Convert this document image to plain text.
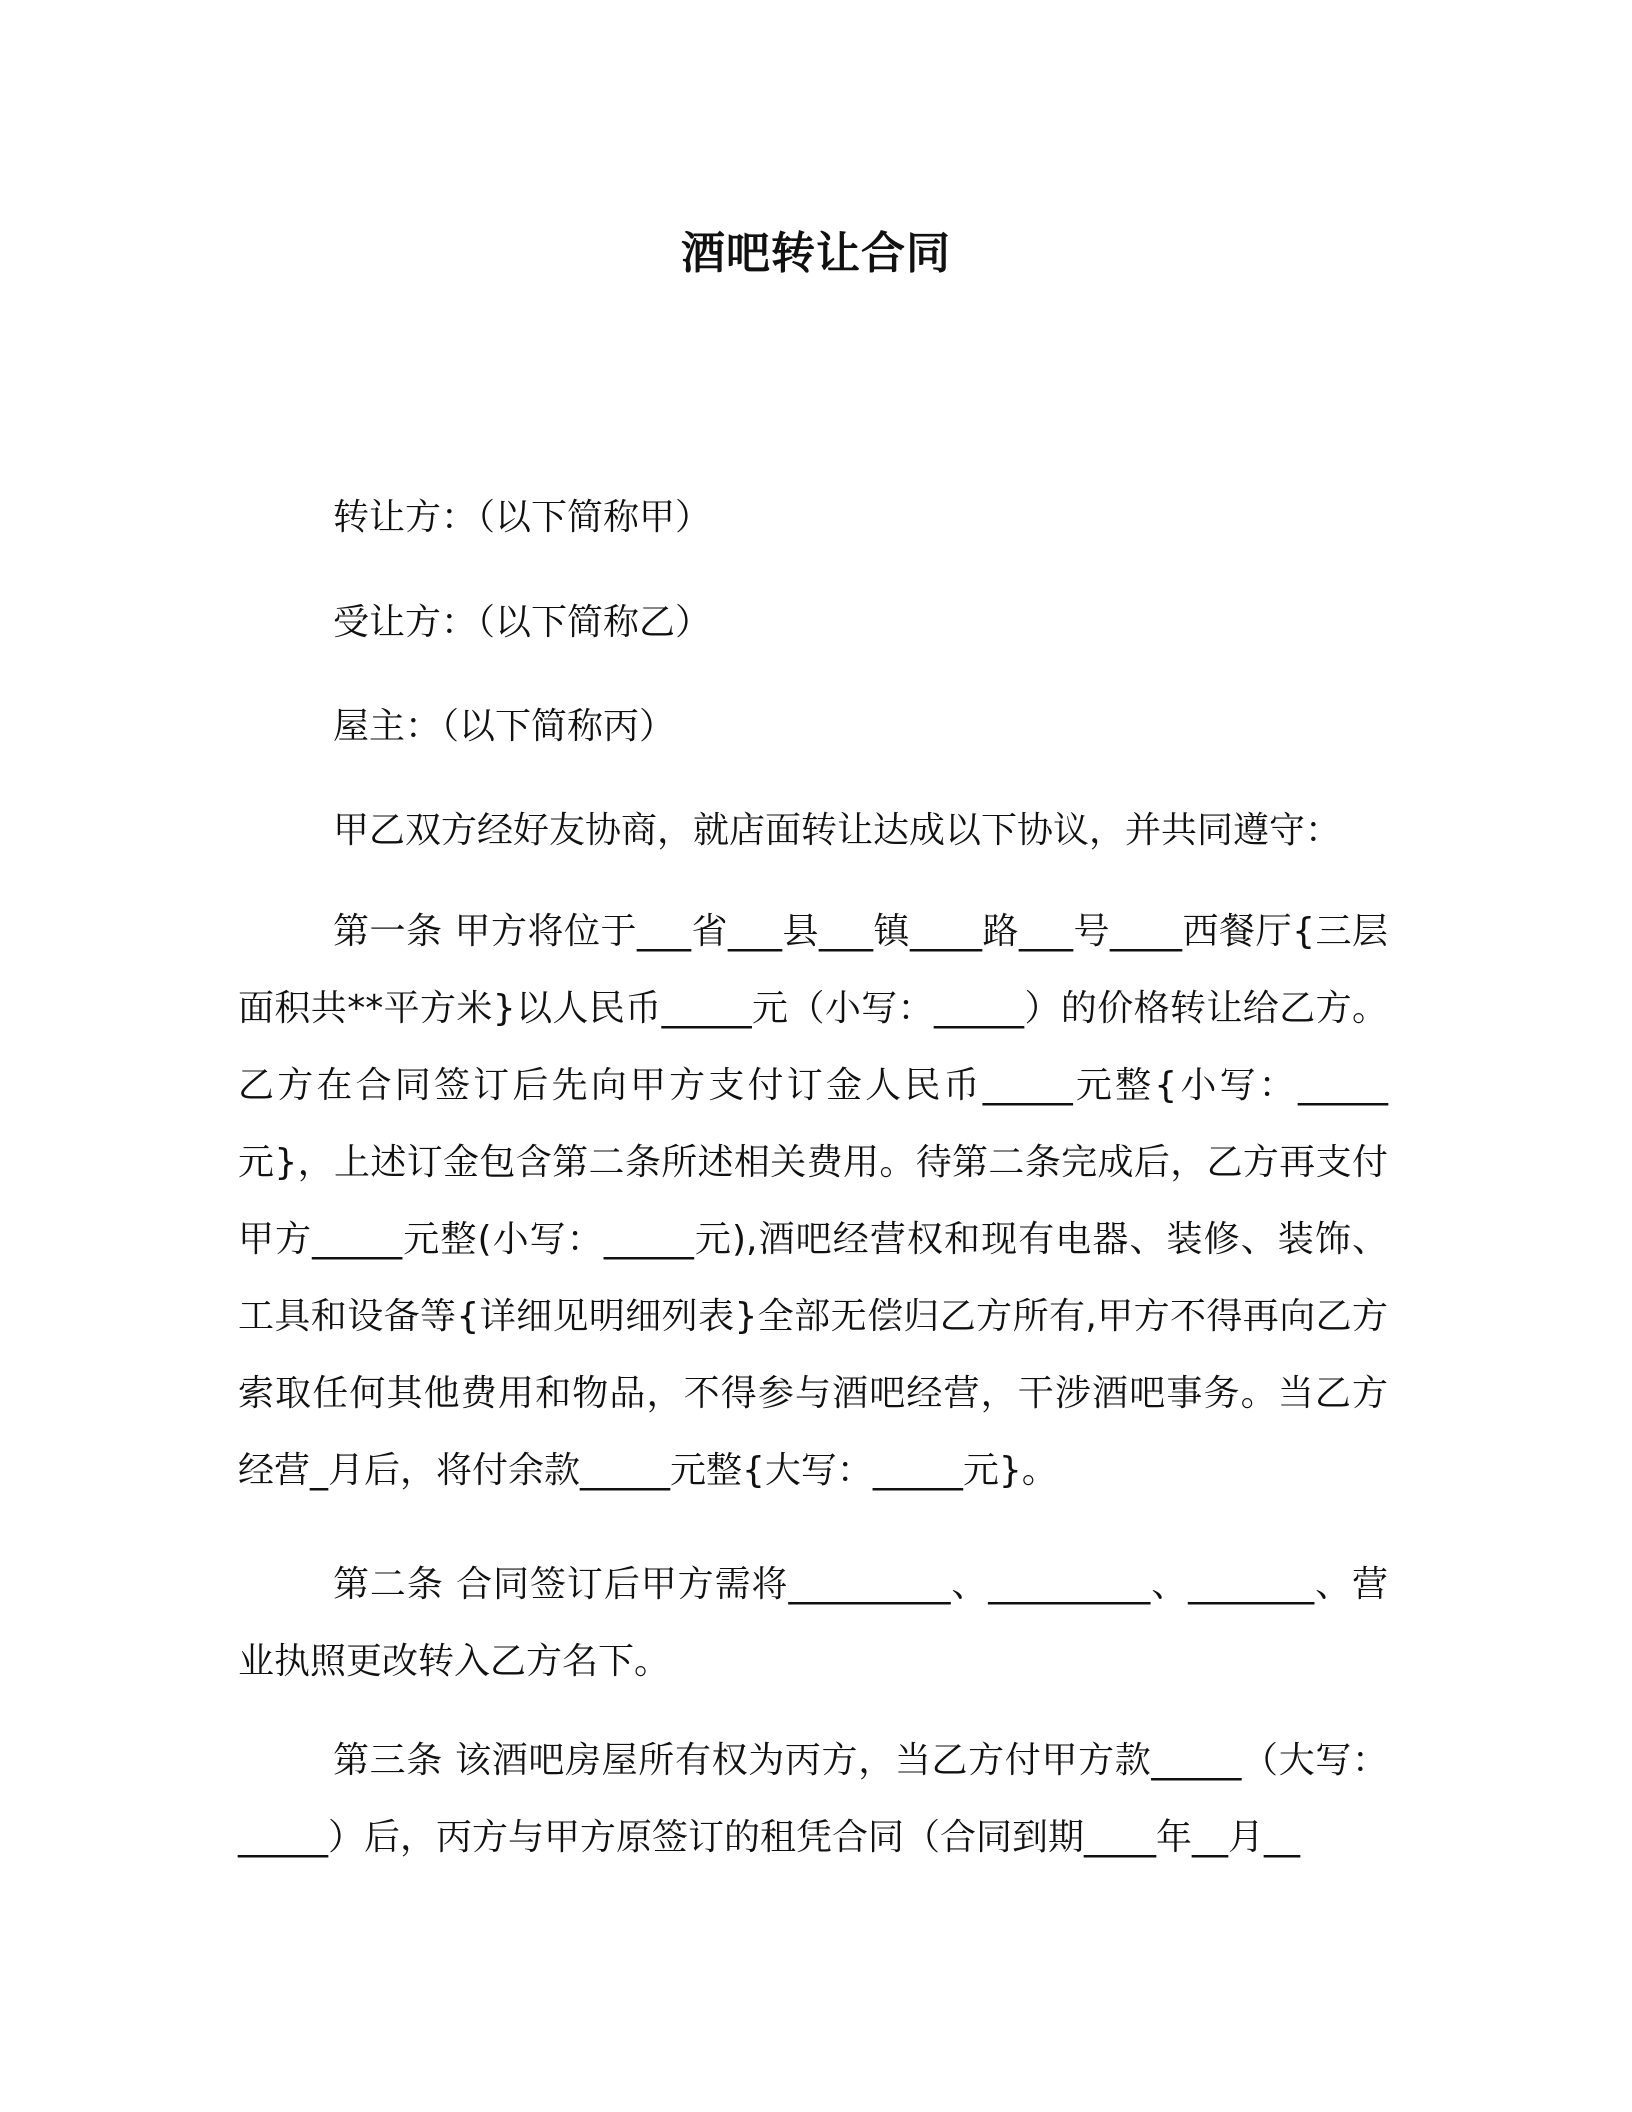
酒吧转让合同

转让方：（以下简称甲）

受让方：（以下简称乙）

屋主：（以下简称丙）

甲乙双方经好友协商，就店面转让达成以下协议，并共同遵守：

第一条 甲方将位于___省___县___镇____路___号____西餐厅{三层面积共**平方米}以人民币_____元（小写：_____）的价格转让给乙方。乙方在合同签订后先向甲方支付订金人民币_____元整{小写：_____元}，上述订金包含第二条所述相关费用。待第二条完成后，乙方再支付甲方_____元整(小写：_____元),酒吧经营权和现有电器、装修、装饰、工具和设备等{详细见明细列表}全部无偿归乙方所有,甲方不得再向乙方索取任何其他费用和物品，不得参与酒吧经营，干涉酒吧事务。当乙方经营_月后，将付余款_____元整{大写：_____元}。

第二条 合同签订后甲方需将_________、_________、_______、营业执照更改转入乙方名下。

第三条 该酒吧房屋所有权为丙方，当乙方付甲方款_____（大写：_____）后，丙方与甲方原签订的租凭合同（合同到期____年__月__
